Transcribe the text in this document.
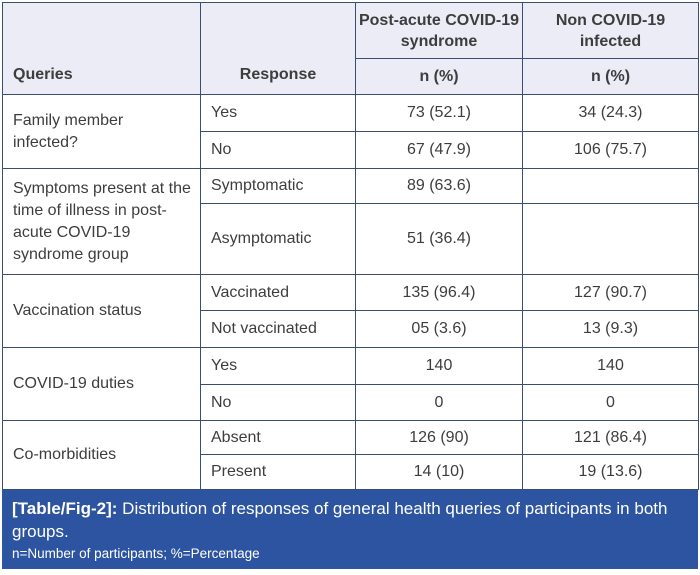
Queries	Response	Post-acute COVID-19 syndrome	Non COVID-19 infected
		n (%)	n (%)
Family member infected?	Yes	73 (52.1)	34 (24.3)
	No	67 (47.9)	106 (75.7)
Symptoms present at the time of illness in post-acute COVID-19 syndrome group	Symptomatic	89 (63.6)	
	Asymptomatic	51 (36.4)	
Vaccination status	Vaccinated	135 (96.4)	127 (90.7)
	Not vaccinated	05 (3.6)	13 (9.3)
COVID-19 duties	Yes	140	140
	No	0	0
Co-morbidities	Absent	126 (90)	121 (86.4)
	Present	14 (10)	19 (13.6)

[Table/Fig-2]: Distribution of responses of general health queries of participants in both groups.

n=Number of participants; %=Percentage
